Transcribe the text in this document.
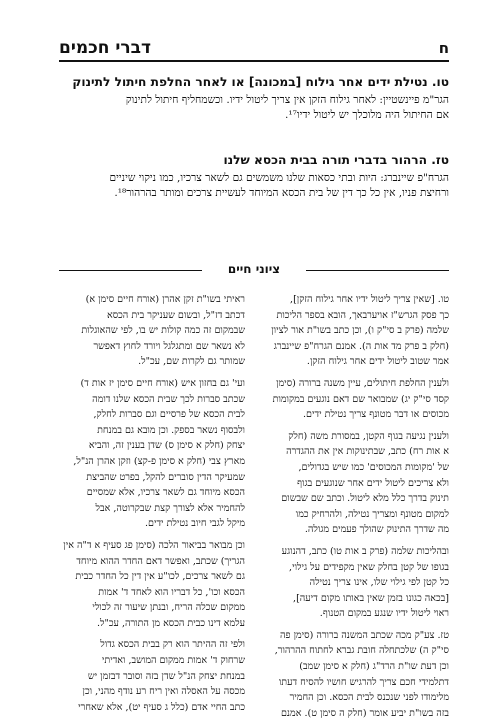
ח
דברי חכמים
טו. נטילת ידים אחר גילוח [במכונה] או לאחר החלפת חיתול לתינוק
הגר"מ פיינשטיין: לאחר גילוח הזקן אין צריך ליטול ידיו. וכשמחליף חיתול לתינוק
אם החיתול היה מלוכלך יש ליטול ידיו¹⁷.
טז. הרהור בדברי תורה בבית הכסא שלנו
הגרח"פ שיינברג: היות ובתי כסאות שלנו משמשים גם לשאר צרכיו, כמו ניקוי שיניים
ורחיצת פניו, אין כל כך דין של בית הכסא המיוחד לעשיית צרכים ומותר בהרהור¹⁸.
ציוני חיים
טו. [שאין צריך ליטול ידיו אחר גילוח הזקן],
כך פסק הגרש"ז אויערבאך, הובא בספר הליכות
שלמה (פרק ב סי"ק ו), וכן כתב בשו"ת אור לציון
(חלק ב פרק מד אות ה). אמנם הגרח"פ שיינברג
אמר שטוב ליטול ידים אחר גילוח הזקן.
ולענין החלפת חיתולים, עיין משנה ברורה (סימן
קסד סי"ק יג) שמבואר שם דאם נוגעים במקומות
מכוסים או דבר מטונף צריך נטילת ידים.
ולענין נגיעה בגוף הקטן, במסורת משה (חלק
א אות רח) כתב, שבתינוקות אין את ההגדרה
של 'מקומות המכוסים' כמו שיש בגדולים,
ולא צריכים ליטול ידים אחר שנוגעים בגוף
תינוק בדרך כלל מלא ליטול. וכתב שם שבשום
למקום מטונף ומצריך נטילה, ולהרחיק כמו
מה שדרך התינוק שהולך פעמים מגולה.
ובהליכות שלמה (פרק ב אות טו) כתב, דהנוגע
בגופו של קטן בחלק שאין מקפידים על גילוי,
כל קטן לפי גילוי שלו, אינו צריך נטילה
[בכאה כגונו בזמן שאין באותו מקום דיעה],
ראוי ליטול ידיו שנגע במקום הטנוף.
טז. צע"ק מכה שכתב המשנה ברורה (סימן פה
סי"ק ה) שלכתחלה חובת גברא לחתוח ההרהור,
וכן דעת שו"ת הרד"ג (חלק א סימן שמב)
דתלמידי חכם צריך להרגיש חושיו להסיח דעתו
מלימודו לפני שנכנס לבית הכסא. וכן החמיר
בזה בשו"ת יביע אומר (חלק ה סימן ט). אמנם
ראיתי בשו"ת זקן אהרן (אורח חיים סימן א)
דכתב דז"ל, ובשום שעניקר בית הכסא
שבמקום זה כמה קולות יש בו, לפי שהאוגלות
לא נשאר שם ומתגלגל ויורד לחוץ דאפשר
שמותר גם לקרות שם, עכ"ל.
ועי' גם בחזון איש (אורח חיים סימן יז אות ד)
שכתב סברות לכך שבית הכסא שלנו דומה
לבית הכסא של פרסיים וגם סברות לחלק,
ולבסוף נשאר בספק. וכן מובא גם במנחת
יצחק (חלק א סימן ס) שדן בענין זה, והביא
מארץ צבי (חלק א סימן פ-קצ) וזקן אהרן הנ"ל,
שמעיקר הדין סוברים להקל, בפרט שהביצת
הכסא מיוחד גם לשאר צרכיו, אלא שמסיים
להחמיר אלא לצורך קצת שבקרוטה, אבל
מיקל לגבי חיוב נטילת ידים.
וכן מבואר בביאור הלכה (סימן פג סעיף א ד"ה אין
הגריך) שכתב, ואפשר דאם החדר ההוא מיוחד
גם לשאר צרכים, לכו"ע אין דין כל החדר כבית
הכסא וכו', כל דבריו הוא לאחד ד' אמות
ממקום שכלה הריח, ובנתן שיעור זה לכולי
עלמא דינו כבית הכסא מן התורה, עכ"ל.
ולפי זה ההיתר הוא רק בבית הכסא גדול
שרחוק ד' אמות ממקום המושב, ואדיתי
במנחת יצחק הנ"ל שדן בזה וסובר דבזמן יש
מכסה על האסלה ואין ריח רע נודף מהני, וכן
כתב החיי אדם (כלל ג סעיף יט), אלא שאחרי
